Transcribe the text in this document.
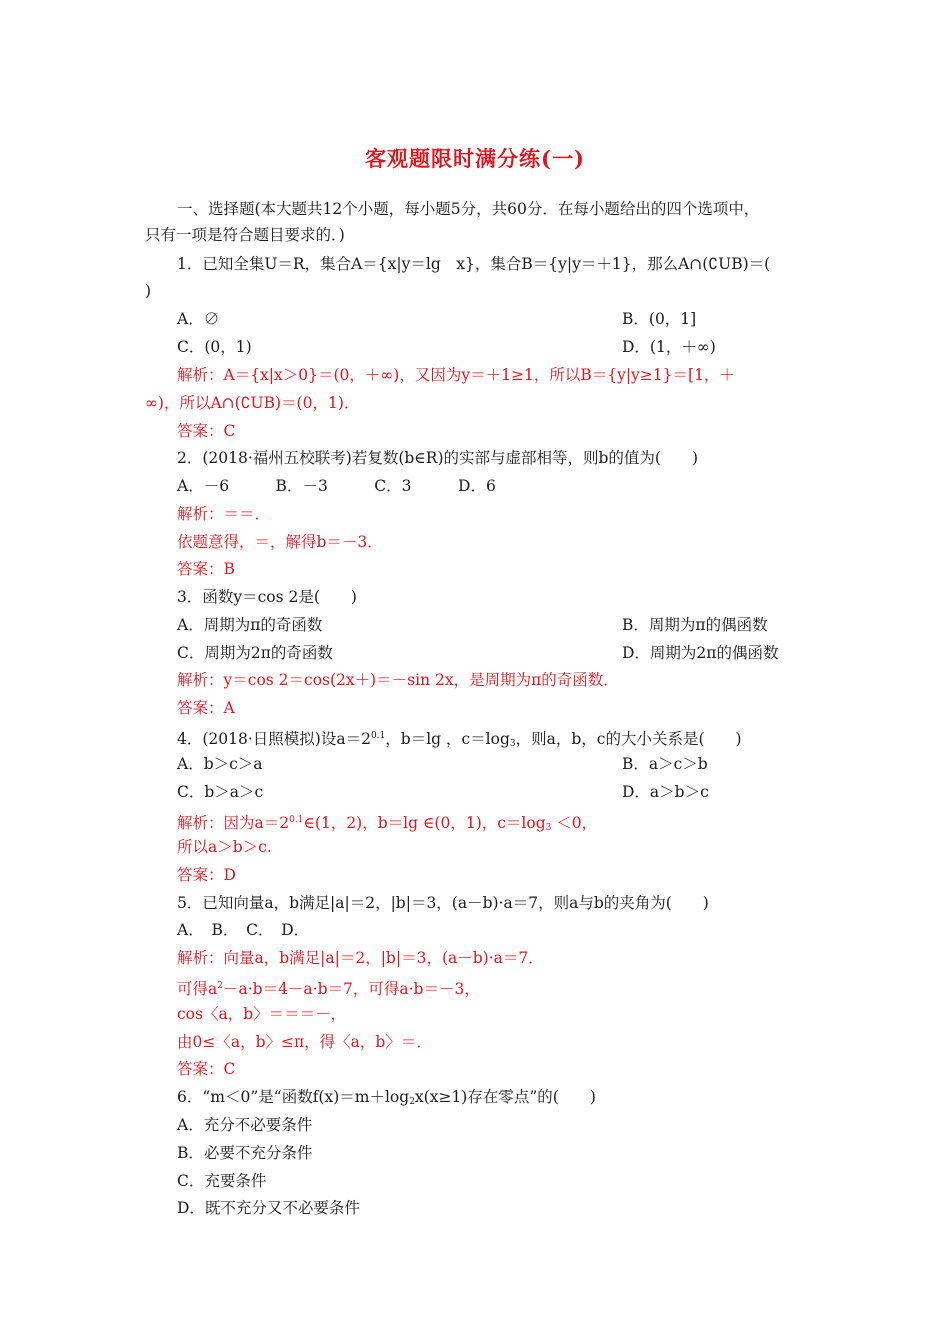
客观题限时满分练(一)
一、选择题(本大题共12个小题，每小题5分，共60分．在每小题给出的四个选项中，
只有一项是符合题目要求的．)
1．已知全集U＝R，集合A＝{x|y＝lg　x}，集合B＝{y|y＝＋1}，那么A∩(∁UB)＝(
)
A．∅	B．(0，1]
C．(0，1)	D．(1，＋∞)
解析：A＝{x|x＞0}＝(0，＋∞)，又因为y＝＋1≥1，所以B＝{y|y≥1}＝[1，＋
∞)，所以A∩(∁UB)＝(0，1)．
答案：C
2．(2018·福州五校联考)若复数(b∈R)的实部与虚部相等，则b的值为(　　)
A．－6　　　B．－3　　　C．3　　　D．6
解析：＝＝．
依题意得，＝，解得b＝－3．
答案：B
3．函数y＝cos 2是(　　)
A．周期为π的奇函数	B．周期为π的偶函数
C．周期为2π的奇函数	D．周期为2π的偶函数
解析：y＝cos 2＝cos(2x＋)＝－sin 2x，是周期为π的奇函数．
答案：A
4．(2018·日照模拟)设$a=2^{0.1}$，b＝lg ，$c=\log_3$，则a，b，c的大小关系是(　　)
A．b＞c＞a	B．a＞c＞b
C．b＞a＞c	D．a＞b＞c
解析：因为$a=2^{0.1}\in(1$，2)，b＝lg ∈(0，1)，$c=\log_3 <0$，
所以a＞b＞c.
答案：D
5．已知向量a，b满足|a|＝2，|b|＝3，(a－b)·a＝7，则a与b的夹角为(　　)
A．　B．　C．　D．
解析：向量a，b满足|a|＝2，|b|＝3，(a－b)·a＝7．
可得$a^2-a\cdot b=4-a\cdot b=7$，可得a·b＝－3，
cos〈a，b〉＝＝＝－，
由0≤〈a，b〉≤π，得〈a，b〉＝．
答案：C
6．“m＜0”是“函数$f(x)=m+\log_2x(x\ge 1)$存在零点”的(　　)
A．充分不必要条件
B．必要不充分条件
C．充要条件
D．既不充分又不必要条件
